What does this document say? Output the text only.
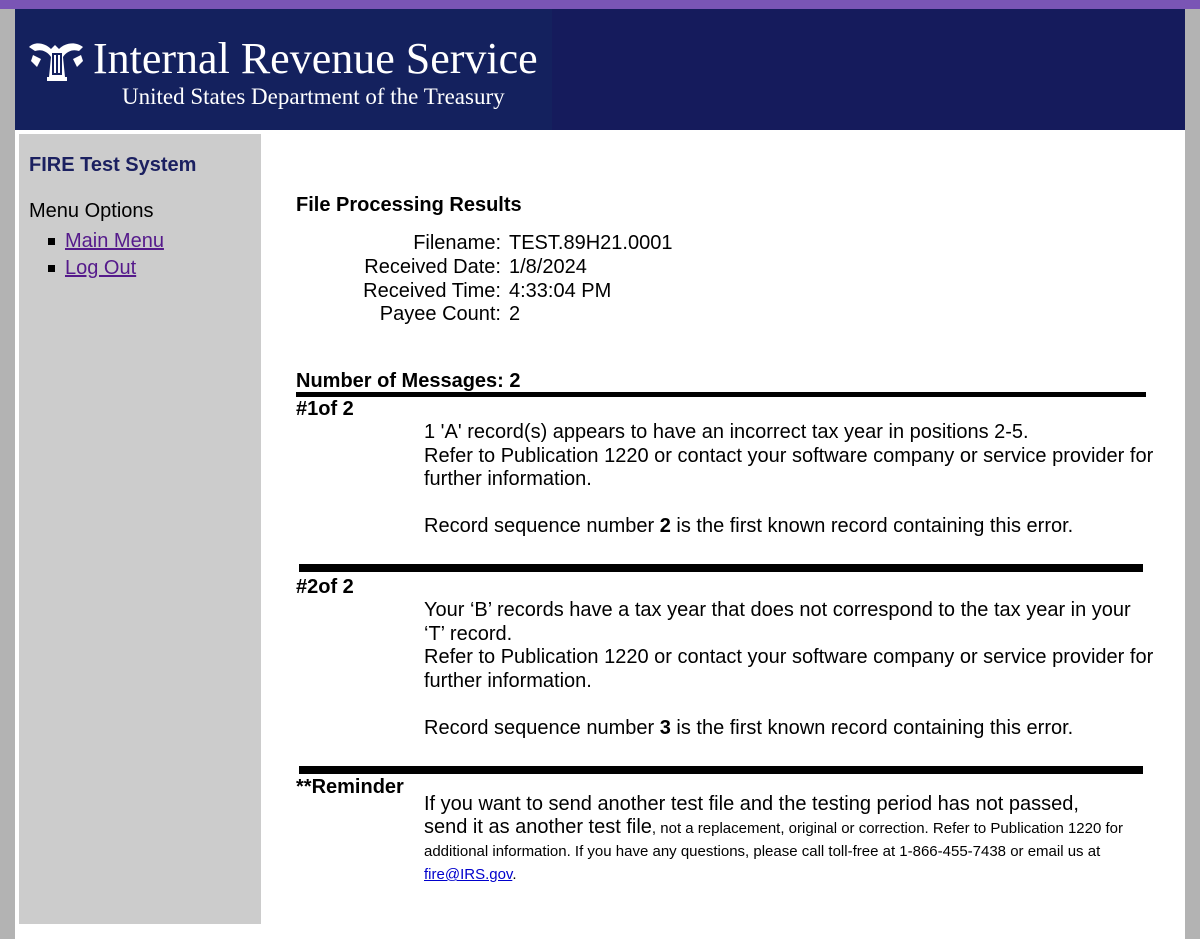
Internal Revenue Service
United States Department of the Treasury
FIRE Test System
Menu Options
Main Menu
Log Out
File Processing Results
Filename: TEST.89H21.0001
Received Date: 1/8/2024
Received Time: 4:33:04 PM
Payee Count: 2
Number of Messages: 2
#1of 2

1 'A' record(s) appears to have an incorrect tax year in positions 2-5.

Refer to Publication 1220 or contact your software company or service provider for further information.

Record sequence number 2 is the first known record containing this error.

#2of 2

Your ‘B’ records have a tax year that does not correspond to the tax year in your ‘T’ record.

Refer to Publication 1220 or contact your software company or service provider for further information.

Record sequence number 3 is the first known record containing this error.

**Reminder
If you want to send another test file and the testing period has not passed, send it as another test file, not a replacement, original or correction. Refer to Publication 1220 for additional information. If you have any questions, please call toll-free at 1-866-455-7438 or email us at fire@IRS.gov.
